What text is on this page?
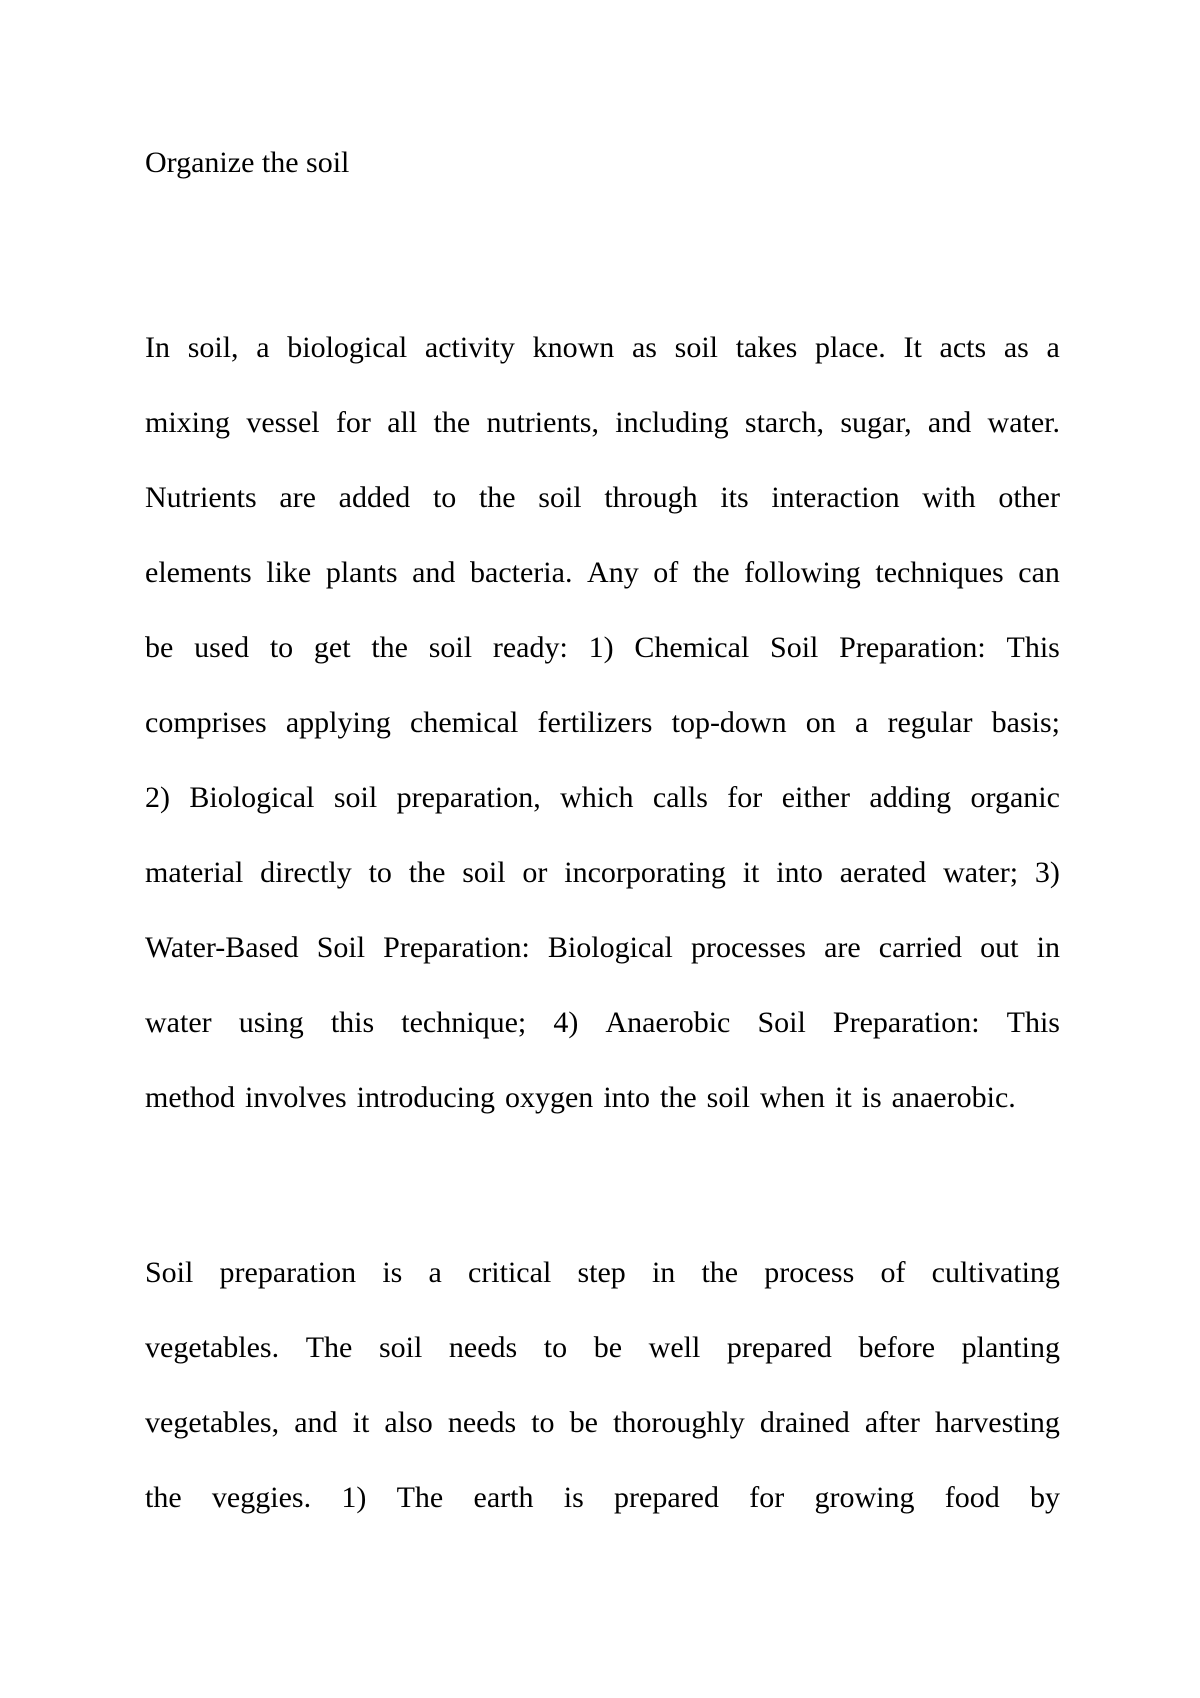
Organize the soil
In soil, a biological activity known as soil takes place. It acts as a
mixing vessel for all the nutrients, including starch, sugar, and water.
Nutrients are added to the soil through its interaction with other
elements like plants and bacteria. Any of the following techniques can
be used to get the soil ready: 1) Chemical Soil Preparation: This
comprises applying chemical fertilizers top-down on a regular basis;
2) Biological soil preparation, which calls for either adding organic
material directly to the soil or incorporating it into aerated water; 3)
Water-Based Soil Preparation: Biological processes are carried out in
water using this technique; 4) Anaerobic Soil Preparation: This
method involves introducing oxygen into the soil when it is anaerobic.
Soil preparation is a critical step in the process of cultivating
vegetables. The soil needs to be well prepared before planting
vegetables, and it also needs to be thoroughly drained after harvesting
the veggies. 1) The earth is prepared for growing food by
